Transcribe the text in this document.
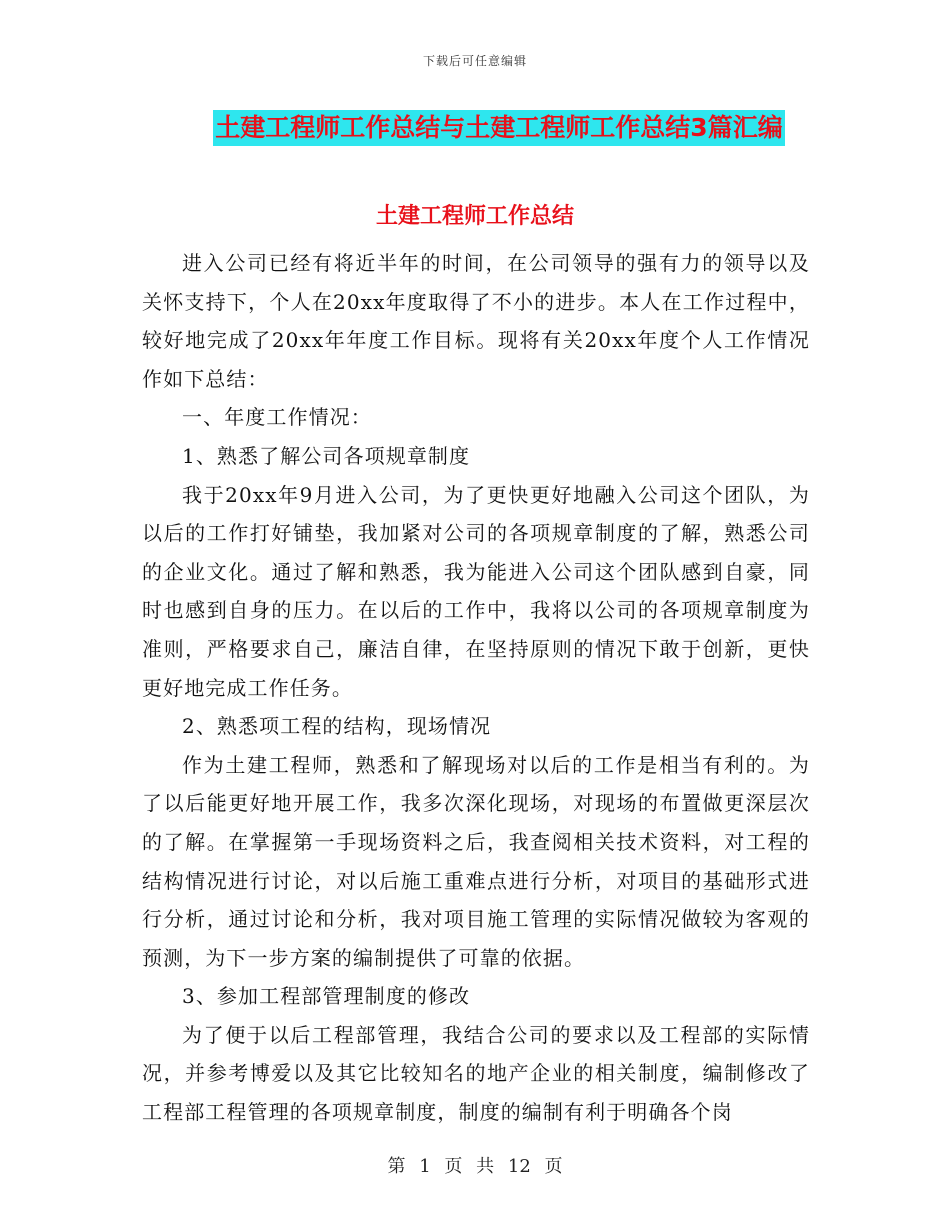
下载后可任意编辑
土建工程师工作总结与土建工程师工作总结3篇汇编
土建工程师工作总结

进入公司已经有将近半年的时间，在公司领导的强有力的领导以及关怀支持下，个人在20xx年度取得了不小的进步。本人在工作过程中，较好地完成了20xx年年度工作目标。现将有关20xx年度个人工作情况作如下总结：

一、年度工作情况：

1、熟悉了解公司各项规章制度

我于20xx年9月进入公司，为了更快更好地融入公司这个团队，为以后的工作打好铺垫，我加紧对公司的各项规章制度的了解，熟悉公司的企业文化。通过了解和熟悉，我为能进入公司这个团队感到自豪，同时也感到自身的压力。在以后的工作中，我将以公司的各项规章制度为准则，严格要求自己，廉洁自律，在坚持原则的情况下敢于创新，更快更好地完成工作任务。

2、熟悉项工程的结构，现场情况

作为土建工程师，熟悉和了解现场对以后的工作是相当有利的。为了以后能更好地开展工作，我多次深化现场，对现场的布置做更深层次的了解。在掌握第一手现场资料之后，我查阅相关技术资料，对工程的结构情况进行讨论，对以后施工重难点进行分析，对项目的基础形式进行分析，通过讨论和分析，我对项目施工管理的实际情况做较为客观的预测，为下一步方案的编制提供了可靠的依据。

3、参加工程部管理制度的修改

为了便于以后工程部管理，我结合公司的要求以及工程部的实际情况，并参考博爱以及其它比较知名的地产企业的相关制度，编制修改了工程部工程管理的各项规章制度，制度的编制有利于明确各个岗

第 1 页 共 12 页
